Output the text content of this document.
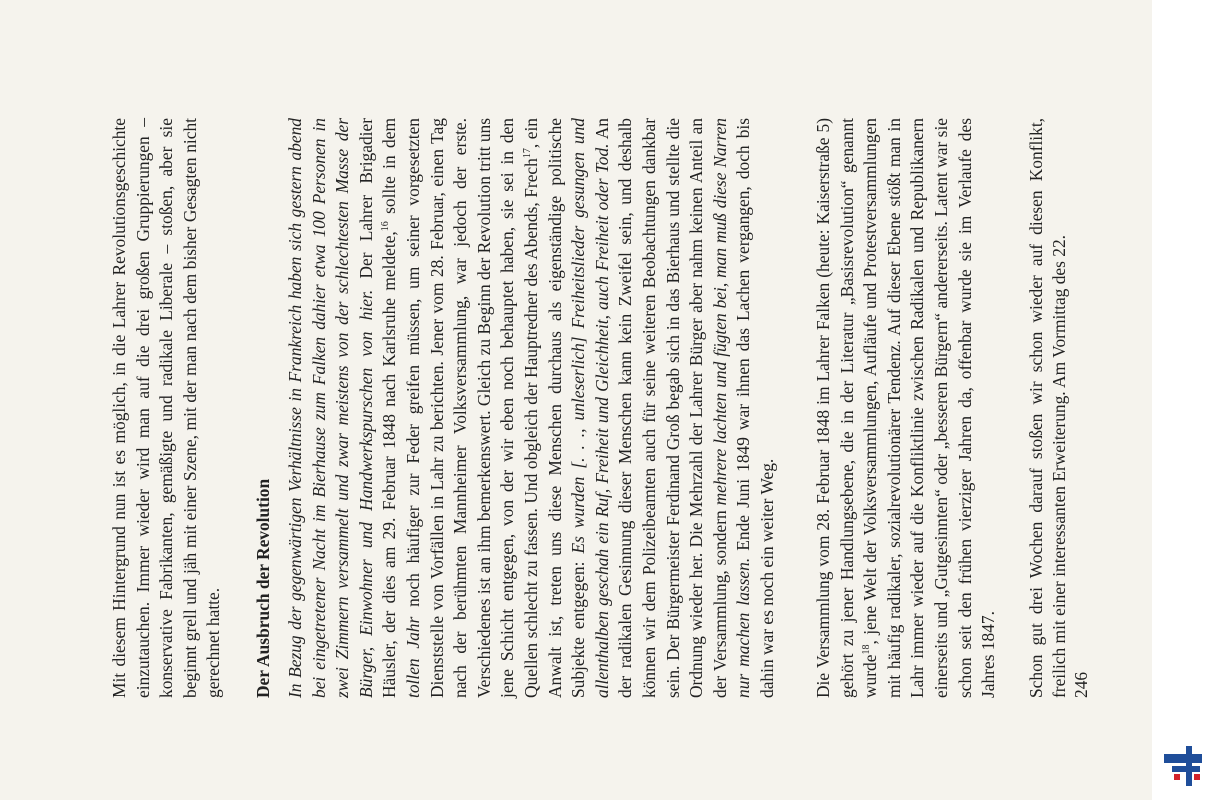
Mit diesem Hintergrund nun ist es möglich, in die Lahrer Revolutionsgeschichte einzutauchen. Immer wieder wird man auf die drei großen Gruppierungen – konservative Fabrikanten, gemäßigte und radikale Liberale – stoßen, aber sie beginnt grell und jäh mit einer Szene, mit der man nach dem bisher Gesagten nicht gerechnet hatte. Der Ausbruch der Revolution In Bezug der gegenwärtigen Verhältnisse in Frankreich haben sich gestern abend bei eingetretener Nacht im Bierhause zum Falken dahier etwa 100 Personen in zwei Zimmern versammelt und zwar meistens von der schlechtesten Masse der Bürger, Einwohner und Handwerkspurschen von hier. Der Lahrer Brigadier Häusler, der dies am 29. Februar 1848 nach Karlsruhe meldete,$^{16}$ sollte in dem tollen Jahr noch häufiger zur Feder greifen müssen, um seiner vorgesetzten Dienststelle von Vorfällen in Lahr zu berichten. Jener vom 28. Februar, einen Tag nach der berühmten Mannheimer Volksversammlung, war jedoch der erste. Verschiedenes ist an ihm bemerkenswert. Gleich zu Beginn der Revolution tritt uns jene Schicht entgegen, von der wir eben noch behauptet haben, sie sei in den Quellen schlecht zu fassen. Und obgleich der Hauptredner des Abends, Frech$^{17}$, ein Anwalt ist, treten uns diese Menschen durchaus als eigenständige politische Subjekte entgegen: Es wurden [. . ., unleserlich] Freiheitslieder gesungen und allenthalben geschah ein Ruf, Freiheit und Gleichheit, auch Freiheit oder Tod. An der radikalen Gesinnung dieser Menschen kann kein Zweifel sein, und deshalb können wir dem Polizeibeamten auch für seine weiteren Beobachtungen dankbar sein. Der Bürgermeister Ferdinand Groß begab sich in das Bierhaus und stellte die Ordnung wieder her. Die Mehrzahl der Lahrer Bürger aber nahm keinen Anteil an der Versammlung, sondern mehrere lachten und fügten bei, man muß diese Narren nur machen lassen. Ende Juni 1849 war ihnen das Lachen vergangen, doch bis dahin war es noch ein weiter Weg. Die Versammlung vom 28. Februar 1848 im Lahrer Falken (heute: Kaiserstraße 5) gehört zu jener Handlungsebene, die in der Literatur „Basisrevolution“ genannt wurde$^{18}$, jene Welt der Volksversammlungen, Aufläufe und Protestversammlungen mit häufig radikaler, sozialrevolutionärer Tendenz. Auf dieser Ebene stößt man in Lahr immer wieder auf die Konfliktlinie zwischen Radikalen und Republikanern einerseits und „Gutgesinnten“ oder „besseren Bürgern“ andererseits. Latent war sie schon seit den frühen vierziger Jahren da, offenbar wurde sie im Verlaufe des Jahres 1847. Schon gut drei Wochen darauf stoßen wir schon wieder auf diesen Konflikt, freilich mit einer interessanten Erweiterung. Am Vormittag des 22. 246
